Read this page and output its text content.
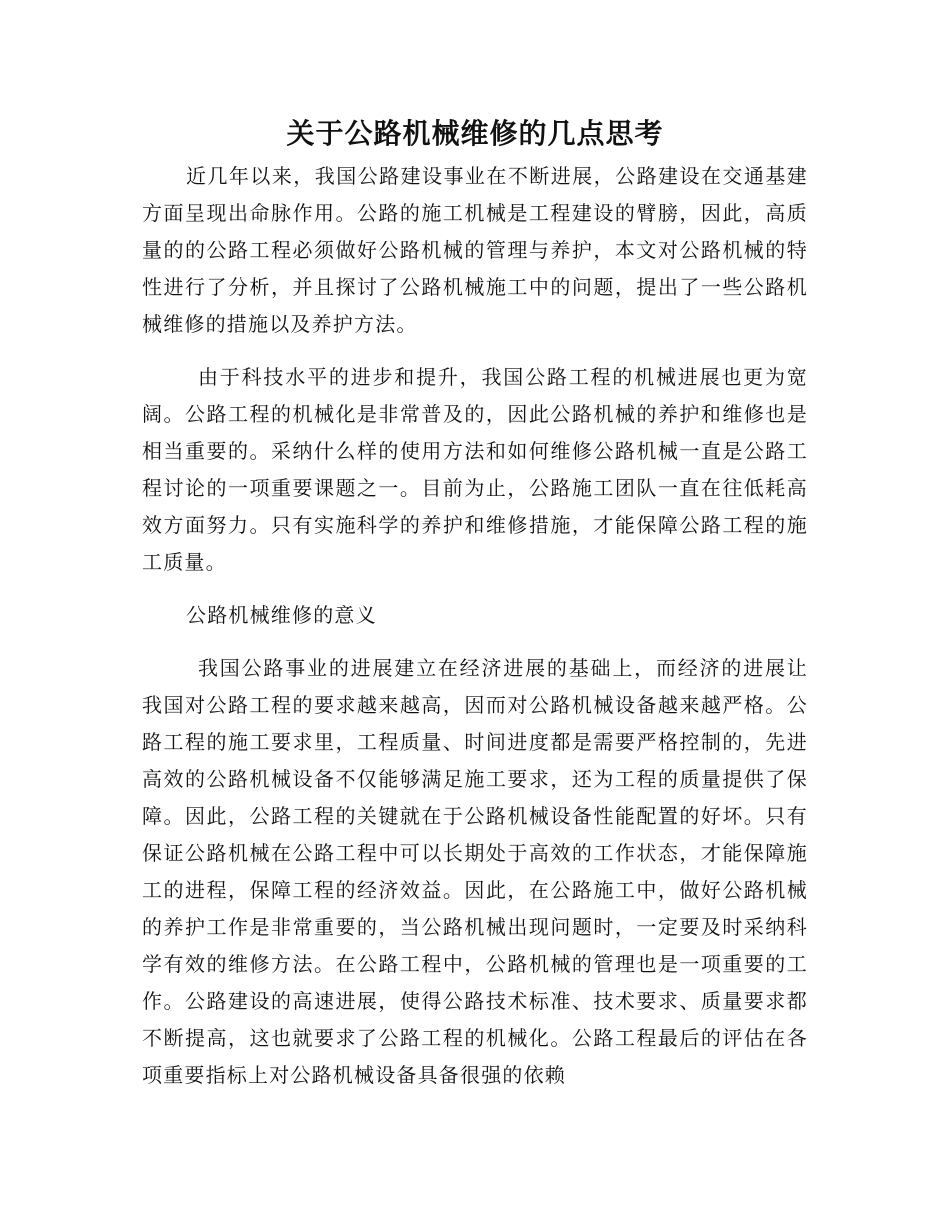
关于公路机械维修的几点思考

近几年以来，我国公路建设事业在不断进展，公路建设在交通基建方面呈现出命脉作用。公路的施工机械是工程建设的臂膀，因此，高质量的的公路工程必须做好公路机械的管理与养护，本文对公路机械的特性进行了分析，并且探讨了公路机械施工中的问题，提出了一些公路机械维修的措施以及养护方法。

由于科技水平的进步和提升，我国公路工程的机械进展也更为宽阔。公路工程的机械化是非常普及的，因此公路机械的养护和维修也是相当重要的。采纳什么样的使用方法和如何维修公路机械一直是公路工程讨论的一项重要课题之一。目前为止，公路施工团队一直在往低耗高效方面努力。只有实施科学的养护和维修措施，才能保障公路工程的施工质量。

公路机械维修的意义

我国公路事业的进展建立在经济进展的基础上，而经济的进展让我国对公路工程的要求越来越高，因而对公路机械设备越来越严格。公路工程的施工要求里，工程质量、时间进度都是需要严格控制的，先进高效的公路机械设备不仅能够满足施工要求，还为工程的质量提供了保障。因此，公路工程的关键就在于公路机械设备性能配置的好坏。只有保证公路机械在公路工程中可以长期处于高效的工作状态，才能保障施工的进程，保障工程的经济效益。因此，在公路施工中，做好公路机械的养护工作是非常重要的，当公路机械出现问题时，一定要及时采纳科学有效的维修方法。在公路工程中，公路机械的管理也是一项重要的工作。公路建设的高速进展，使得公路技术标准、技术要求、质量要求都不断提高，这也就要求了公路工程的机械化。公路工程最后的评估在各项重要指标上对公路机械设备具备很强的依赖
